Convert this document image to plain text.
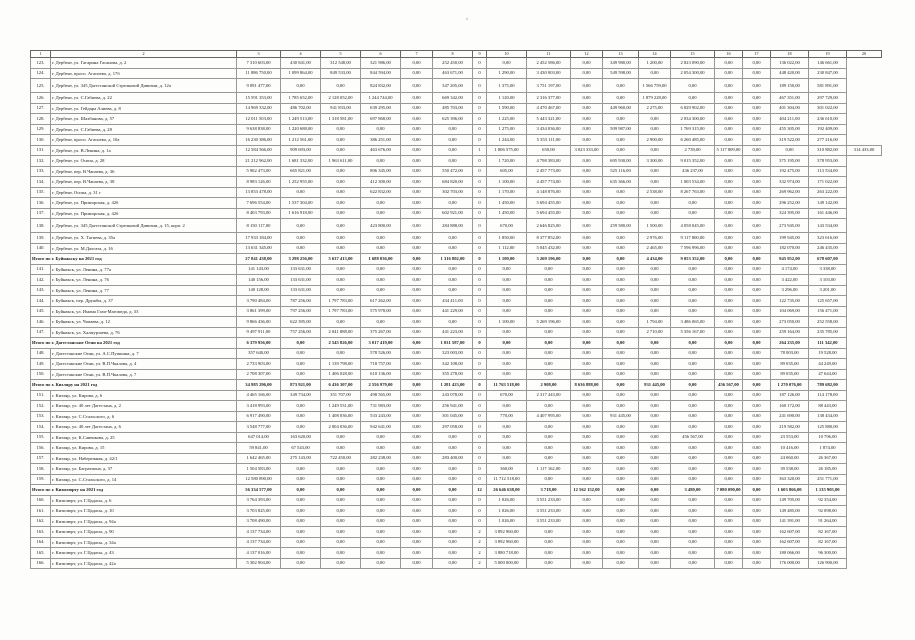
›
1	2	3	4	5	6	7	8	9	10	11	12	13	14	15	16	17	18	19	20
123.	г. Дербент, ул. Гагарина Гасанова, д. 2	7 310 603,00	430 841,00	312 548,00	321 986,00	0,00	252 450,00	0	0,00	2 452 586,00	0,00	349 980,00	1 200,00	2 823 090,00	0,00	0,00	136 022,00	146 661,00	
124.	г. Дербент, просп. Агасиева, д. 17б	11 886 750,00	1 099 864,00	849 533,00	844 594,00	0,00	463 671,00	0	1 290,00	3 430 003,00	0,00	549 598,00	0,00	2 054 300,00	0,00	0,00	448 420,00	230 847,00	
125.	г. Дербент, ул. 345 Дагестанской Стрелковой Дивизии, д. 12а	9 091 477,00	0,00	0,00	824 832,00	0,00	347 205,00	0	1 375,00	3 751 197,00	0,00	0,00	1 566 759,00	0,00	0,00	0,00	189 150,00	581 891,00	
126.	г. Дербент, ул. С.Габиева, д. 22	15 591 353,00	1 785 652,00	2 128 052,00	1 244 744,00	0,00	669 342,00	0	1 120,00	2 316 377,00	0,00	0,00	1 879 228,00	0,00	0,00	0,00	467 351,00	297 729,00	
127.	г. Дербент, ул. Гейдара Алиева, д. 8	14 969 332,00	486 702,00	941 833,00	639 295,00	0,00	485 703,00	0	1 590,00	4 470 467,00	0,00	449 960,00	2 275,00	6 829 902,00	0,00	0,00	401 304,00	301 022,00	
128.	г. Дербент, ул. Шахбанова, д. 57	12 011 503,00	1 249 513,00	1 318 581,00	697 868,00	0,00	625 396,00	0	1 225,00	5 443 321,00	0,00	0,00	0,00	2 034 300,00	0,00	0,00	404 211,00	236 610,00	
129.	г. Дербент, ул. С.Габиева, д. 28	9 638 838,00	1 220 688,00	0,00	0,00	0,00	0,00	0	1 275,00	3 434 036,00	0,00	509 987,00	0,00	1 769 315,00	0,00	0,00	455 305,00	192 409,00	
130.	г. Дербент, просп. Агасиева, д. 10а	16 230 386,00	1 212 561,00	0,00	386 251,00	0,00	0,00	0	1 244,00	5 353 111,00	0,00	0,00	2 900,00	6 260 485,00	0,00	0,00	319 522,00	277 216,00	
131.	г. Дербент, ул. В.Ленина, д. 1а	12 584 566,00	909 693,00	0,00	463 676,00	0,00	0,00	1	1 806 575,00	650,00	3 023 333,00	0,00	0,00	2 739,00	5 117 809,00	0,00	0,00	310 882,00	314 433,00
132.	г. Дербент, ул. Осипа, д. 28	21 212 962,00	1 681 332,00	1 963 611,00	0,00	0,00	0,00	0	1 720,00	4 798 383,00	0,00	695 930,00	3 300,00	9 015 352,00	0,00	0,00	375 195,00	378 953,00	
133.	г. Дербент, пер. В.Чапаева, д. 36	5 962 473,00	665 821,00	0,00	806 345,00	0,00	550 472,00	0	605,00	2 457 773,00	0,00	525 116,00	0,00	436 237,00	0,00	0,00	192 475,00	113 534,00	
134.	г. Дербент, пер. В.Чапаева, д. 38	8 983 126,00	1 252 955,00	0,00	412 300,00	0,00	684 820,00	0	1 100,00	4 457 774,00	0,00	635 366,00	0,00	1 003 534,00	0,00	0,00	332 974,00	171 022,00	
135.	г. Дербент, Осипа, д. 31 г	13 853 478,00	0,00	0,00	622 832,00	0,00	302 703,00	0	1 170,00	4 148 876,00	0,00	0,00	2 538,00	8 267 763,00	0,00	0,00	269 962,00	263 222,00	
136.	г. Дербент, ул. Приморская, д. 42б	7 696 554,00	1 537 304,00	0,00	0,00	0,00	0,00	0	1 450,00	5 694 455,00	0,00	0,00	0,00	0,00	0,00	0,00	296 252,00	149 142,00	
137.	г. Дербент, ул. Приморская, д. 42б	8 403 793,00	1 616 918,00	0,00	0,00	0,00	602 921,00	0	1 450,00	5 694 455,00	0,00	0,00	0,00	0,00	0,00	0,00	324 395,00	161 446,00	
138.	г. Дербент, ул. 345 Дагестанской Стрелковой Дивизии, д. 15, корп. 2	8 150 117,00	0,00	0,00	423 800,00	0,00	284 888,00	0	670,00	2 646 825,00	0,00	259 580,00	1 500,00	4 058 045,00	0,00	0,00	273 945,00	143 534,00	
139.	г. Дербент, ул. Х. Тагиева, д. 35а	17 933 184,00	0,00	0,00	0,00	0,00	0,00	0	1 850,00	8 377 852,00	0,00	0,00	2 976,00	9 117 800,00	0,00	0,00	199 945,00	323 616,00	
140.	г. Дербент, ул. М.Далгата, д. 16	13 631 345,00	0,00	0,00	0,00	0,00	0,00	0	1 112,00	5 045 432,00	0,00	0,00	2 465,00	7 596 996,00	0,00	0,00	182 070,00	246 435,00	
Итого по г. Буйнакску на 2021 год		27 841 438,00	3 298 256,00	5 637 413,00	1 688 036,00	0,00	1 316 802,00	0	1 109,00	3 269 196,00	0,00	0,00	4 434,00	9 053 352,00	0,00	0,00	945 952,00	678 607,00	
141.	г. Буйнакск, ул. Ленина, д. 77а	141 143,00	133 631,00	0,00	0,00	0,00	0,00	0	0,00	0,00	0,00	0,00	0,00	0,00	0,00	0,00	4 174,00	3 338,00	
142.	г. Буйнакск, ул. Ленина, д. 76	140 156,00	133 631,00	0,00	0,00	0,00	0,00	0	0,00	0,00	0,00	0,00	0,00	0,00	0,00	0,00	3 422,00	3 103,00	
143.	г. Буйнакск, ул. Ленина, д. 77	140 128,00	133 631,00	0,00	0,00	0,00	0,00	0	0,00	0,00	0,00	0,00	0,00	0,00	0,00	0,00	3 296,00	3 201,00	
144.	г. Буйнакск, пер. Дружбы, д. 37	3 790 484,00	787 256,00	1 797 783,00	617 262,00	0,00	434 411,00	0	0,00	0,00	0,00	0,00	0,00	0,00	0,00	0,00	122 735,00	125 657,00	
145.	г. Буйнакск, ул. Имама Гази-Магомеда, д. 33	3 861 399,00	797 256,00	1 797 783,00	575 978,00	0,00	441 229,00	0	0,00	0,00	0,00	0,00	0,00	0,00	0,00	0,00	104 069,00	156 471,00	
146.	г. Буйнакск, ул. Чапаева, д. 12	9 866 436,00	622 395,00	0,00	0,00	0,00	0,00	0	1 100,00	5 269 196,00	0,00	0,00	1 794,00	3 486 065,00	0,00	0,00	273 050,00	252 558,00	
147.	г. Буйнакск, ул. Халмурзаева, д. 76	9 497 911,00	757 256,00	2 041 888,00	375 267,00	0,00	441 223,00	0	0,00	0,00	0,00	0,00	2 710,00	5 356 167,00	0,00	0,00	259 164,00	235 785,00	
Итого по г. Дагестанские Огни на 2021 год		6 379 956,00	0,00	2 545 826,00	3 017 419,00	0,00	1 031 587,00	0	0,00	0,00	0,00	0,00	0,00	0,00	0,00	0,00	264 235,00	111 342,00	
148.	г. Дагестанские Огни, ул. А.С.Пушкина, д. 7	357 640,00	0,00	0,00	578 526,00	0,00	323 003,00	0	0,00	0,00	0,00	0,00	0,00	0,00	0,00	0,00	78 003,00	19 528,00	
149.	г. Дагестанские Огни, ул. В.П.Чкалова, д. 4	2 733 903,00	0,00	1 139 798,00	718 757,00	0,00	342 108,00	0	0,00	0,00	0,00	0,00	0,00	0,00	0,00	0,00	89 035,00	44 249,00	
150.	г. Дагестанские Огни, ул. В.П.Чкалова, д. 7	2 708 307,00	0,00	1 406 028,00	610 136,00	0,00	355 278,00	0	0,00	0,00	0,00	0,00	0,00	0,00	0,00	0,00	89 035,00	47 644,00	
Итого по г. Кизляру на 2021 год		34 985 296,00	873 921,00	6 436 307,00	2 556 979,00	0,00	1 281 423,00	0	11 763 518,00	2 908,00	8 636 888,00	0,00	931 445,00	0,00	456 567,00	0,00	1 270 076,00	789 682,00	
151.	г. Кизляр, ул. Кирова, д. 6	4 465 166,00	349 734,00	351 707,00	498 565,00	0,00	243 078,00	0	670,00	2 317 443,00	0,00	0,00	0,00	0,00	0,00	0,00	187 126,00	114 178,00	
152.	г. Кизляр, ул. 40 лет Дагестана, д. 2	3 418 993,00	0,00	1 249 531,00	731 983,00	0,00	256 941,00	0	0,00	0,00	0,00	0,00	0,00	0,00	0,00	0,00	160 172,00	88 443,00	
153.	г. Кизляр, ул. С.Стальского, д. 6	6 917 490,00	0,00	1 408 036,00	533 243,00	0,00	301 045,00	0	770,00	4 407 995,00	0,00	931 445,00	0,00	0,00	0,00	0,00	241 690,00	138 434,00	
154.	г. Кизляр, ул. 40 лет Дагестана, д. 6	3 548 777,00	0,00	2 004 036,00	942 641,00	0,00	297 058,00	0	0,00	0,00	0,00	0,00	0,00	0,00	0,00	0,00	219 582,00	125 880,00	
155.	г. Кизляр, ул. К.Савенкова, д. 25	647 014,00	163 620,00	0,00	0,00	0,00	0,00	0	0,00	0,00	0,00	0,00	0,00	456 567,00	0,00	0,00	23 553,00	10 796,00	
156.	г. Кизляр, ул. Кирова, д. 15	59 841,00	67 543,00	0,00	0,00	0,00	0,00	0	0,00	0,00	0,00	0,00	0,00	0,00	0,00	0,00	10 416,00	1 874,00	
157.	г. Кизляр, ул. Набережная, д. 42/1	1 642 465,00	275 143,00	722 450,00	282 238,00	0,00	283 400,00	0	0,00	0,00	0,00	0,00	0,00	0,00	0,00	0,00	24 060,00	26 367,00	
158.	г. Кизляр, ул. Багратиона, д. 37	1 504 583,00	0,00	0,00	0,00	0,00	0,00	0	360,00	1 117 162,00	0,00	0,00	0,00	0,00	0,00	0,00	39 538,00	26 185,00	
159.	г. Кизляр, ул. С.Стальского, д. 14	12 580 890,00	0,00	0,00	0,00	0,00	0,00	0	11 712 518,00	0,00	0,00	0,00	0,00	0,00	0,00	0,00	363 320,00	251 771,00	
Итого по г. Кизилюрту на 2021 год		56 334 577,00	0,00	0,00	0,00	0,00	0,00	12	26 646 638,00	3 718,00	12 562 152,00	0,00	0,00	3 480,00	7 080 090,00	0,00	1 603 866,00	1 135 905,00	
160.	г. Кизилюрт, ул. Г.Цадасы, д. 6	3 764 393,00	0,00	0,00	0,00	0,00	0,00	0	1 026,00	3 551 233,00	0,00	0,00	0,00	0,00	0,00	0,00	149 705,00	92 354,00	
161.	г. Кизилюрт, ул. Г.Цадасы, д. 10	3 703 825,00	0,00	0,00	0,00	0,00	0,00	0	1 026,00	3 551 233,00	0,00	0,00	0,00	0,00	0,00	0,00	149 485,00	92 098,00	
162.	г. Кизилюрт, ул. Г.Цадасы, д. 94а	3 708 490,00	0,00	0,00	0,00	0,00	0,00	0	1 026,00	3 551 233,00	0,00	0,00	0,00	0,00	0,00	0,00	141 391,00	91 264,00	
163.	г. Кизилюрт, ул. Г.Цадасы, д. 90	4 137 734,00	0,00	0,00	0,00	0,00	0,00	2	3 892 960,00	0,00	0,00	0,00	0,00	0,00	0,00	0,00	162 607,00	82 167,00	
164.	г. Кизилюрт, ул. Г.Цадасы, д. 34а	4 137 734,00	0,00	0,00	0,00	0,00	0,00	2	3 892 960,00	0,00	0,00	0,00	0,00	0,00	0,00	0,00	162 607,00	82 167,00	
165.	г. Кизилюрт, ул. Г.Цадасы, д. 43	4 137 016,00	0,00	0,00	0,00	0,00	0,00	2	3 880 718,00	0,00	0,00	0,00	0,00	0,00	0,00	0,00	180 066,00	96 300,00	
166.	г. Кизилюрт, ул. Г.Цадасы, д. 42а	5 302 904,00	0,00	0,00	0,00	0,00	0,00	2	5 000 000,00	0,00	0,00	0,00	0,00	0,00	0,00	0,00	176 000,00	126 900,00	
